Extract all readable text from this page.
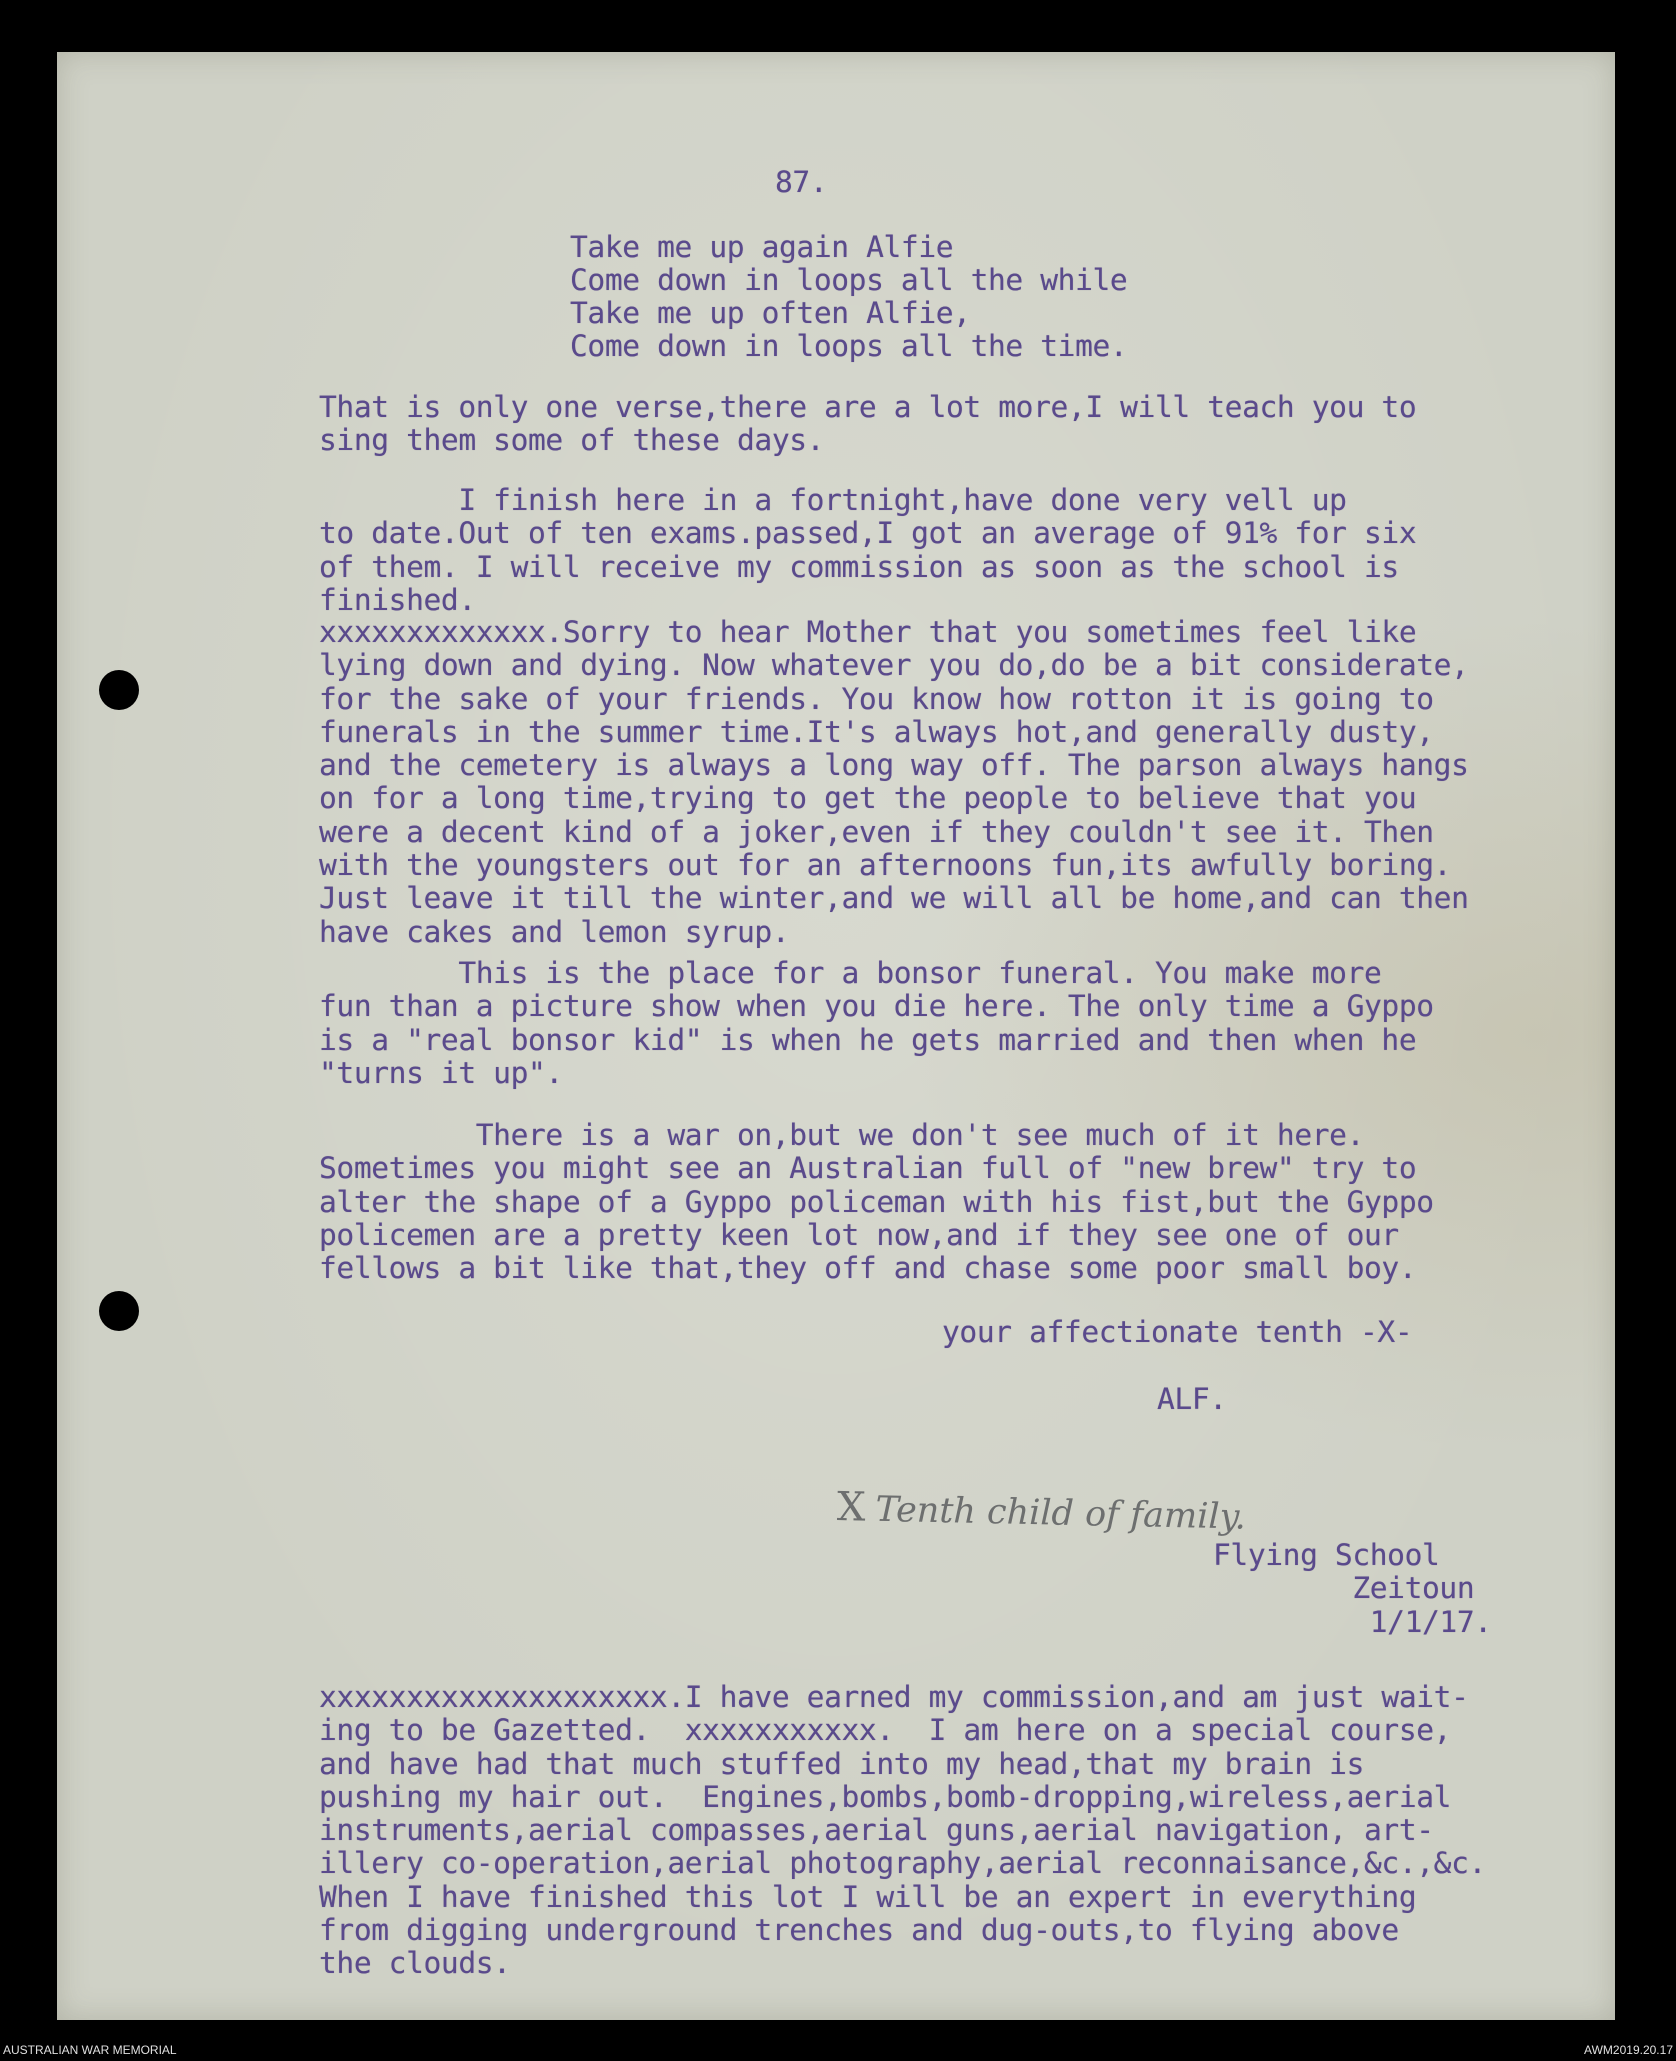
87.

Take me up again Alfie

Come down in loops all the while

Take me up often Alfie,

Come down in loops all the time.

That is only one verse,there are a lot more,I will teach you to
sing them some of these days.

I finish here in a fortnight,have done very vell up
to date.Out of ten exams.passed,I got an average of 91% for six
of them. I will receive my commission as soon as the school is
finished.

xxxxxxxxxxxxx.Sorry to hear Mother that you sometimes feel like
lying down and dying. Now whatever you do,do be a bit considerate,
for the sake of your friends. You know how rotton it is going to
funerals in the summer time.It's always hot,and generally dusty,
and the cemetery is always a long way off. The parson always hangs
on for a long time,trying to get the people to believe that you
were a decent kind of a joker,even if they couldn't see it. Then
with the youngsters out for an afternoons fun,its awfully boring.
Just leave it till the winter,and we will all be home,and can then
have cakes and lemon syrup.

This is the place for a bonsor funeral. You make more
fun than a picture show when you die here. The only time a Gyppo
is a "real bonsor kid" is when he gets married and then when he
"turns it up".

There is a war on,but we don't see much of it here.
Sometimes you might see an Australian full of "new brew" try to
alter the shape of a Gyppo policeman with his fist,but the Gyppo
policemen are a pretty keen lot now,and if they see one of our
fellows a bit like that,they off and chase some poor small boy.

your affectionate tenth -X-

ALF.

X Tenth child of family.

Flying School
Zeitoun
1/1/17.

xxxxxxxxxxxxxxxxxxxx.I have earned my commission,and am just wait-
ing to be Gazetted.  xxxxxxxxxxx.  I am here on a special course,
and have had that much stuffed into my head,that my brain is
pushing my hair out.  Engines,bombs,bomb-dropping,wireless,aerial
instruments,aerial compasses,aerial guns,aerial navigation, art-
illery co-operation,aerial photography,aerial reconnaisance,&c.,&c.
When I have finished this lot I will be an expert in everything
from digging underground trenches and dug-outs,to flying above
the clouds.

AUSTRALIAN WAR MEMORIAL	AWM2019.20.17
